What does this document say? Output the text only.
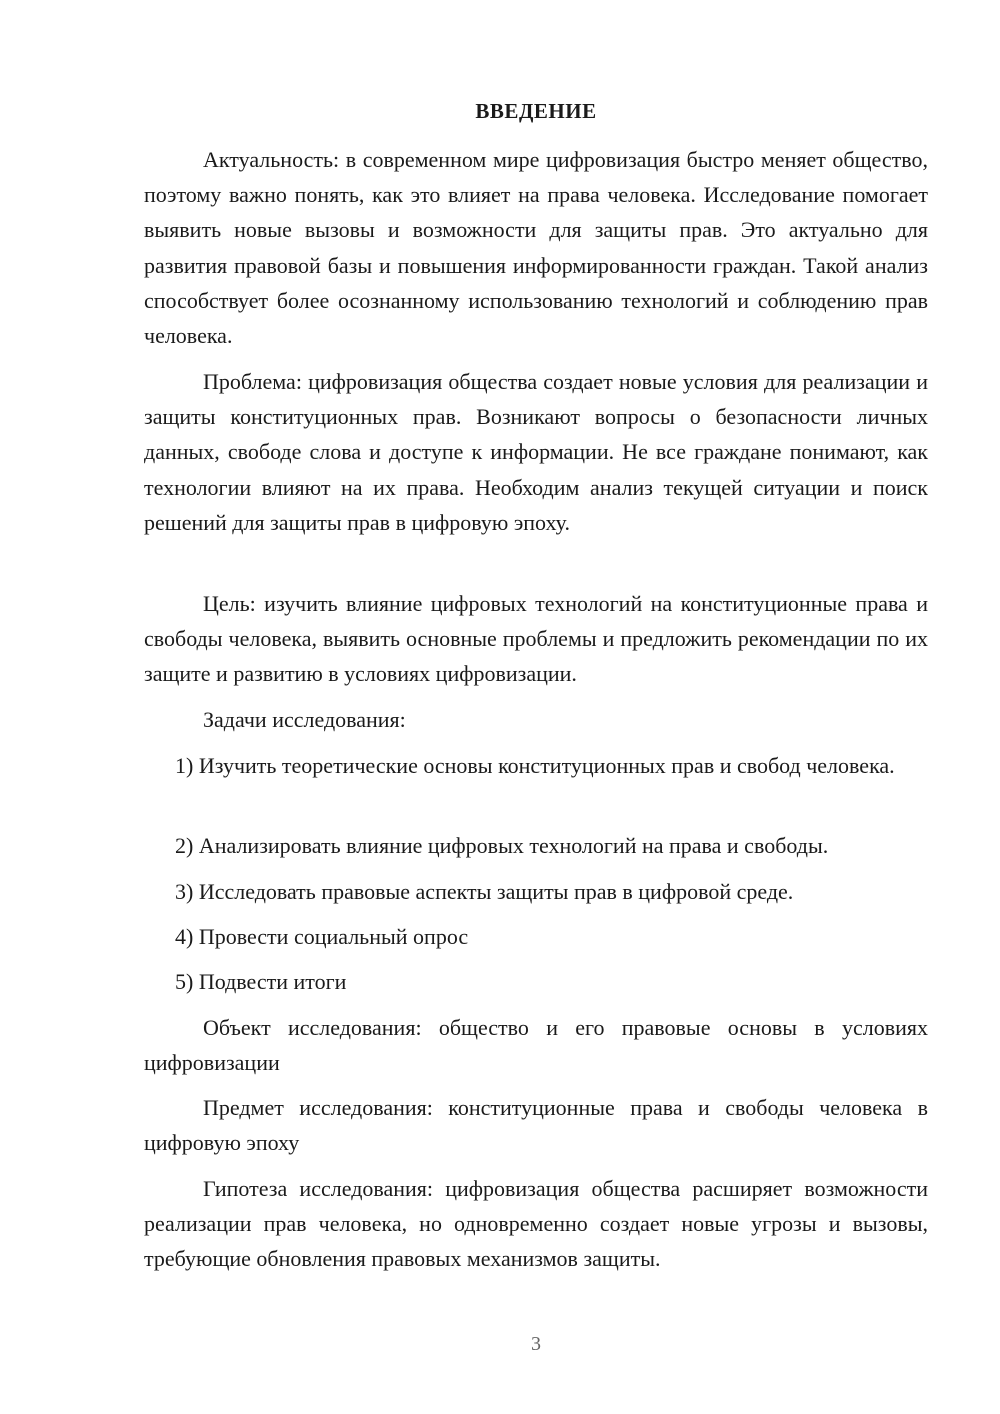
ВВЕДЕНИЕ

Актуальность: в современном мире цифровизация быстро меняет общество, поэтому важно понять, как это влияет на права человека. Исследование помогает выявить новые вызовы и возможности для защиты прав. Это актуально для развития правовой базы и повышения информированности граждан. Такой анализ способствует более осознанному использованию технологий и соблюдению прав человека.

Проблема: цифровизация общества создает новые условия для реализации и защиты конституционных прав. Возникают вопросы о безопасности личных данных, свободе слова и доступе к информации. Не все граждане понимают, как технологии влияют на их права. Необходим анализ текущей ситуации и поиск решений для защиты прав в цифровую эпоху.

Цель: изучить влияние цифровых технологий на конституционные права и свободы человека, выявить основные проблемы и предложить рекомендации по их защите и развитию в условиях цифровизации.

Задачи исследования:

1) Изучить теоретические основы конституционных прав и свобод человека.

2) Анализировать влияние цифровых технологий на права и свободы.

3) Исследовать правовые аспекты защиты прав в цифровой среде.

4) Провести социальный опрос

5) Подвести итоги

Объект исследования: общество и его правовые основы в условиях цифровизации

Предмет исследования: конституционные права и свободы человека в цифровую эпоху

Гипотеза исследования: цифровизация общества расширяет возможности реализации прав человека, но одновременно создает новые угрозы и вызовы, требующие обновления правовых механизмов защиты.

3
